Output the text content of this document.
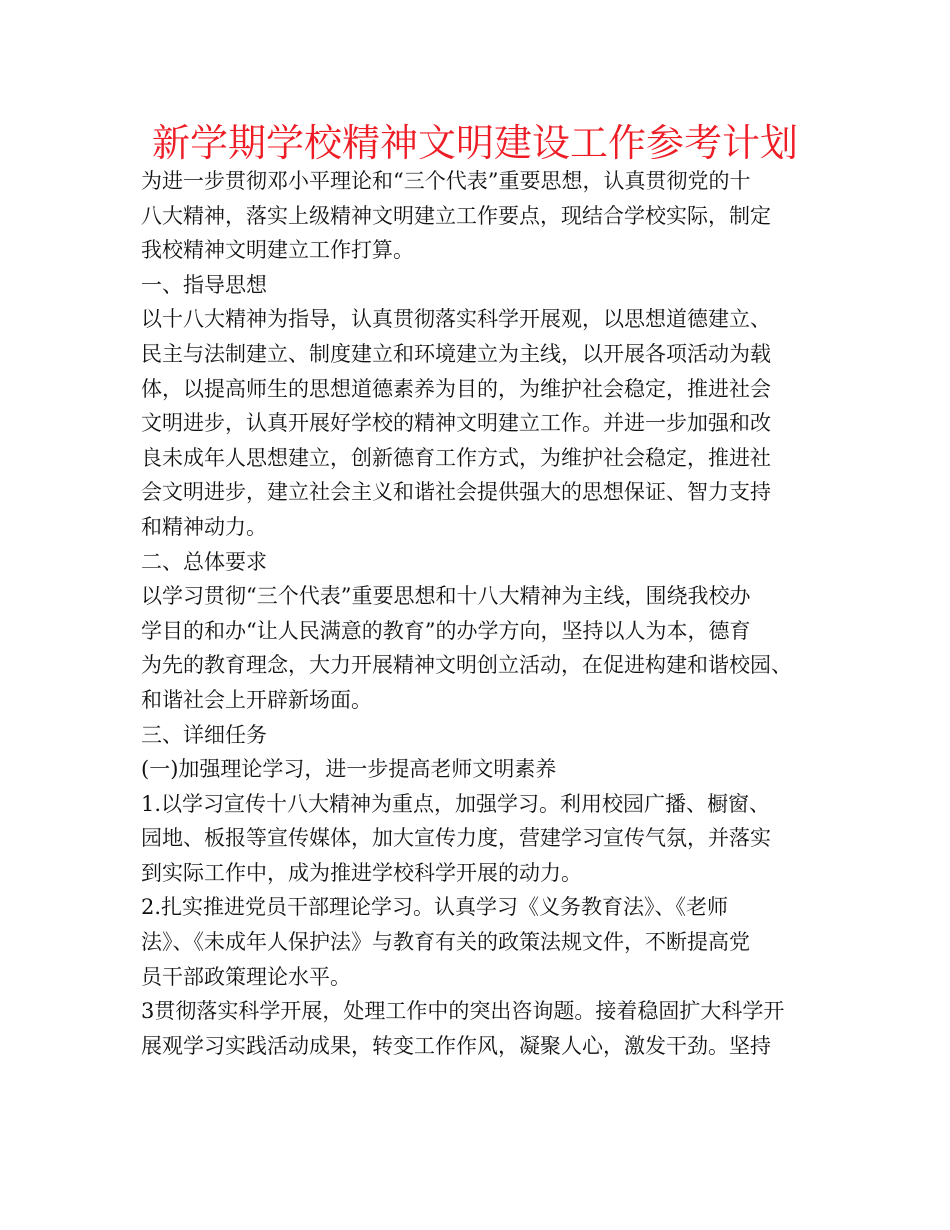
新学期学校精神文明建设工作参考计划
为进一步贯彻邓小平理论和“三个代表”重要思想，认真贯彻党的十
八大精神，落实上级精神文明建立工作要点，现结合学校实际，制定
我校精神文明建立工作打算。
一、指导思想
以十八大精神为指导，认真贯彻落实科学开展观，以思想道德建立、
民主与法制建立、制度建立和环境建立为主线，以开展各项活动为载
体，以提高师生的思想道德素养为目的，为维护社会稳定，推进社会
文明进步，认真开展好学校的精神文明建立工作。并进一步加强和改
良未成年人思想建立，创新德育工作方式，为维护社会稳定，推进社
会文明进步，建立社会主义和谐社会提供强大的思想保证、智力支持
和精神动力。
二、总体要求
以学习贯彻“三个代表”重要思想和十八大精神为主线，围绕我校办
学目的和办“让人民满意的教育”的办学方向，坚持以人为本，德育
为先的教育理念，大力开展精神文明创立活动，在促进构建和谐校园、
和谐社会上开辟新场面。
三、详细任务
(一)加强理论学习，进一步提高老师文明素养
1.以学习宣传十八大精神为重点，加强学习。利用校园广播、橱窗、
园地、板报等宣传媒体，加大宣传力度，营建学习宣传气氛，并落实
到实际工作中，成为推进学校科学开展的动力。
2.扎实推进党员干部理论学习。认真学习《义务教育法》、《老师
法》、《未成年人保护法》与教育有关的政策法规文件，不断提高党
员干部政策理论水平。
3贯彻落实科学开展，处理工作中的突出咨询题。接着稳固扩大科学开
展观学习实践活动成果，转变工作作风，凝聚人心，激发干劲。坚持
